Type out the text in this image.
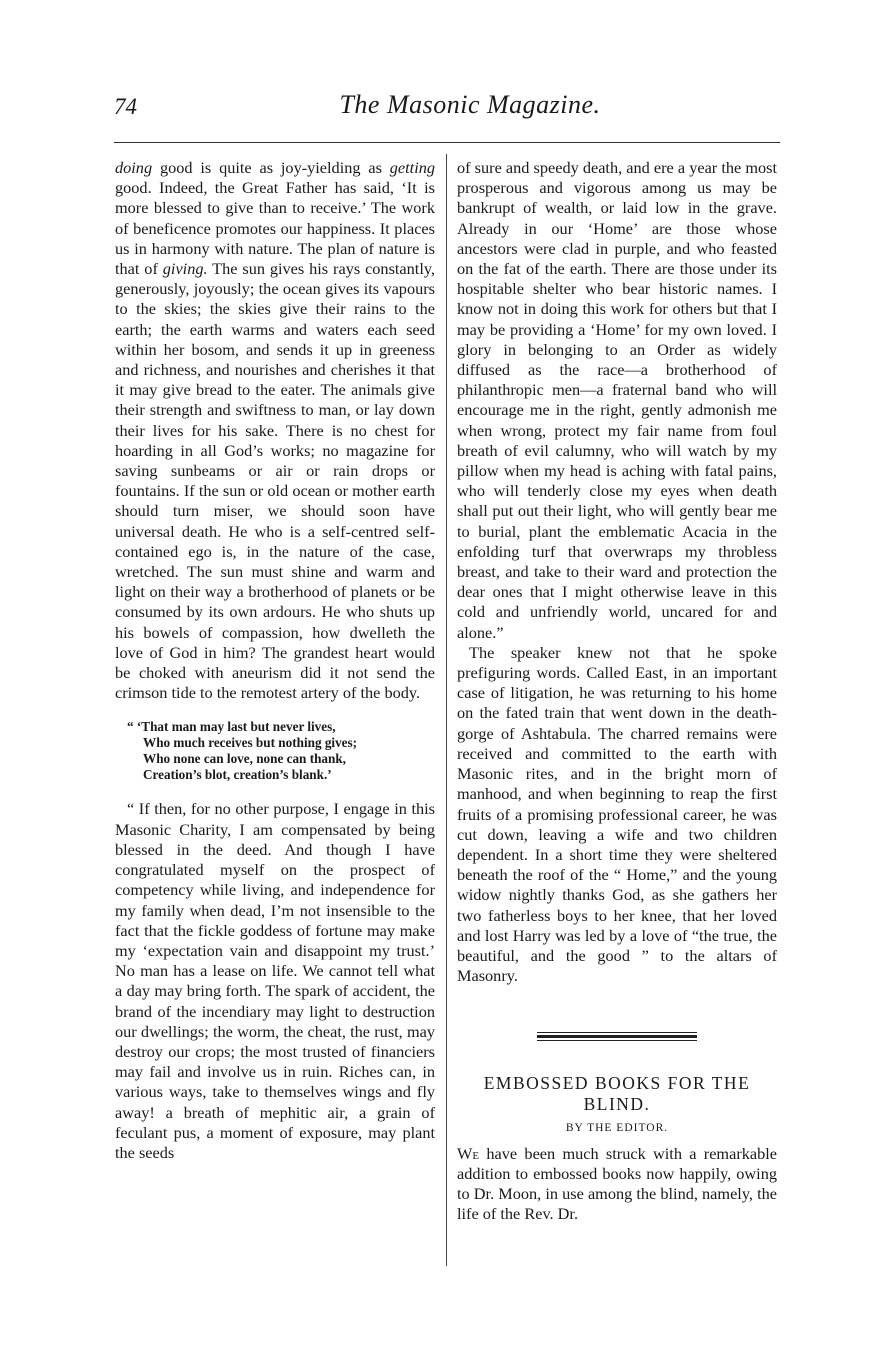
74	The Masonic Magazine.

doing good is quite as joy-yielding as getting good. Indeed, the Great Father has said, ‘It is more blessed to give than to receive.’ The work of beneficence promotes our happiness. It places us in harmony with nature. The plan of nature is that of giving. The sun gives his rays constantly, generously, joyously; the ocean gives its vapours to the skies; the skies give their rains to the earth; the earth warms and waters each seed within her bosom, and sends it up in greeness and richness, and nourishes and cherishes it that it may give bread to the eater. The animals give their strength and swiftness to man, or lay down their lives for his sake. There is no chest for hoarding in all God’s works; no magazine for saving sunbeams or air or rain drops or fountains. If the sun or old ocean or mother earth should turn miser, we should soon have universal death. He who is a self-centred self-contained ego is, in the nature of the case, wretched. The sun must shine and warm and light on their way a brotherhood of planets or be consumed by its own ardours. He who shuts up his bowels of compassion, how dwelleth the love of God in him? The grandest heart would be choked with aneurism did it not send the crimson tide to the remotest artery of the body.

“ ‘That man may last but never lives,
Who much receives but nothing gives;
Who none can love, none can thank,
Creation’s blot, creation’s blank.’

“ If then, for no other purpose, I engage in this Masonic Charity, I am compensated by being blessed in the deed. And though I have congratulated myself on the prospect of competency while living, and independence for my family when dead, I’m not insensible to the fact that the fickle goddess of fortune may make my ‘expectation vain and disappoint my trust.’ No man has a lease on life. We cannot tell what a day may bring forth. The spark of accident, the brand of the incendiary may light to destruction our dwellings; the worm, the cheat, the rust, may destroy our crops; the most trusted of financiers may fail and involve us in ruin. Riches can, in various ways, take to themselves wings and fly away! a breath of mephitic air, a grain of feculant pus, a moment of exposure, may plant the seeds

of sure and speedy death, and ere a year the most prosperous and vigorous among us may be bankrupt of wealth, or laid low in the grave. Already in our ‘Home’ are those whose ancestors were clad in purple, and who feasted on the fat of the earth. There are those under its hospitable shelter who bear historic names. I know not in doing this work for others but that I may be providing a ‘Home’ for my own loved. I glory in belonging to an Order as widely diffused as the race—a brotherhood of philanthropic men—a fraternal band who will encourage me in the right, gently admonish me when wrong, protect my fair name from foul breath of evil calumny, who will watch by my pillow when my head is aching with fatal pains, who will tenderly close my eyes when death shall put out their light, who will gently bear me to burial, plant the emblematic Acacia in the enfolding turf that overwraps my throbless breast, and take to their ward and protection the dear ones that I might otherwise leave in this cold and unfriendly world, uncared for and alone.”

The speaker knew not that he spoke prefiguring words. Called East, in an important case of litigation, he was returning to his home on the fated train that went down in the death-gorge of Ashtabula. The charred remains were received and committed to the earth with Masonic rites, and in the bright morn of manhood, and when beginning to reap the first fruits of a promising professional career, he was cut down, leaving a wife and two children dependent. In a short time they were sheltered beneath the roof of the “ Home,” and the young widow nightly thanks God, as she gathers her two fatherless boys to her knee, that her loved and lost Harry was led by a love of “the true, the beautiful, and the good ” to the altars of Masonry.

EMBOSSED BOOKS FOR THE BLIND.
BY THE EDITOR.

We have been much struck with a remarkable addition to embossed books now happily, owing to Dr. Moon, in use among the blind, namely, the life of the Rev. Dr.
